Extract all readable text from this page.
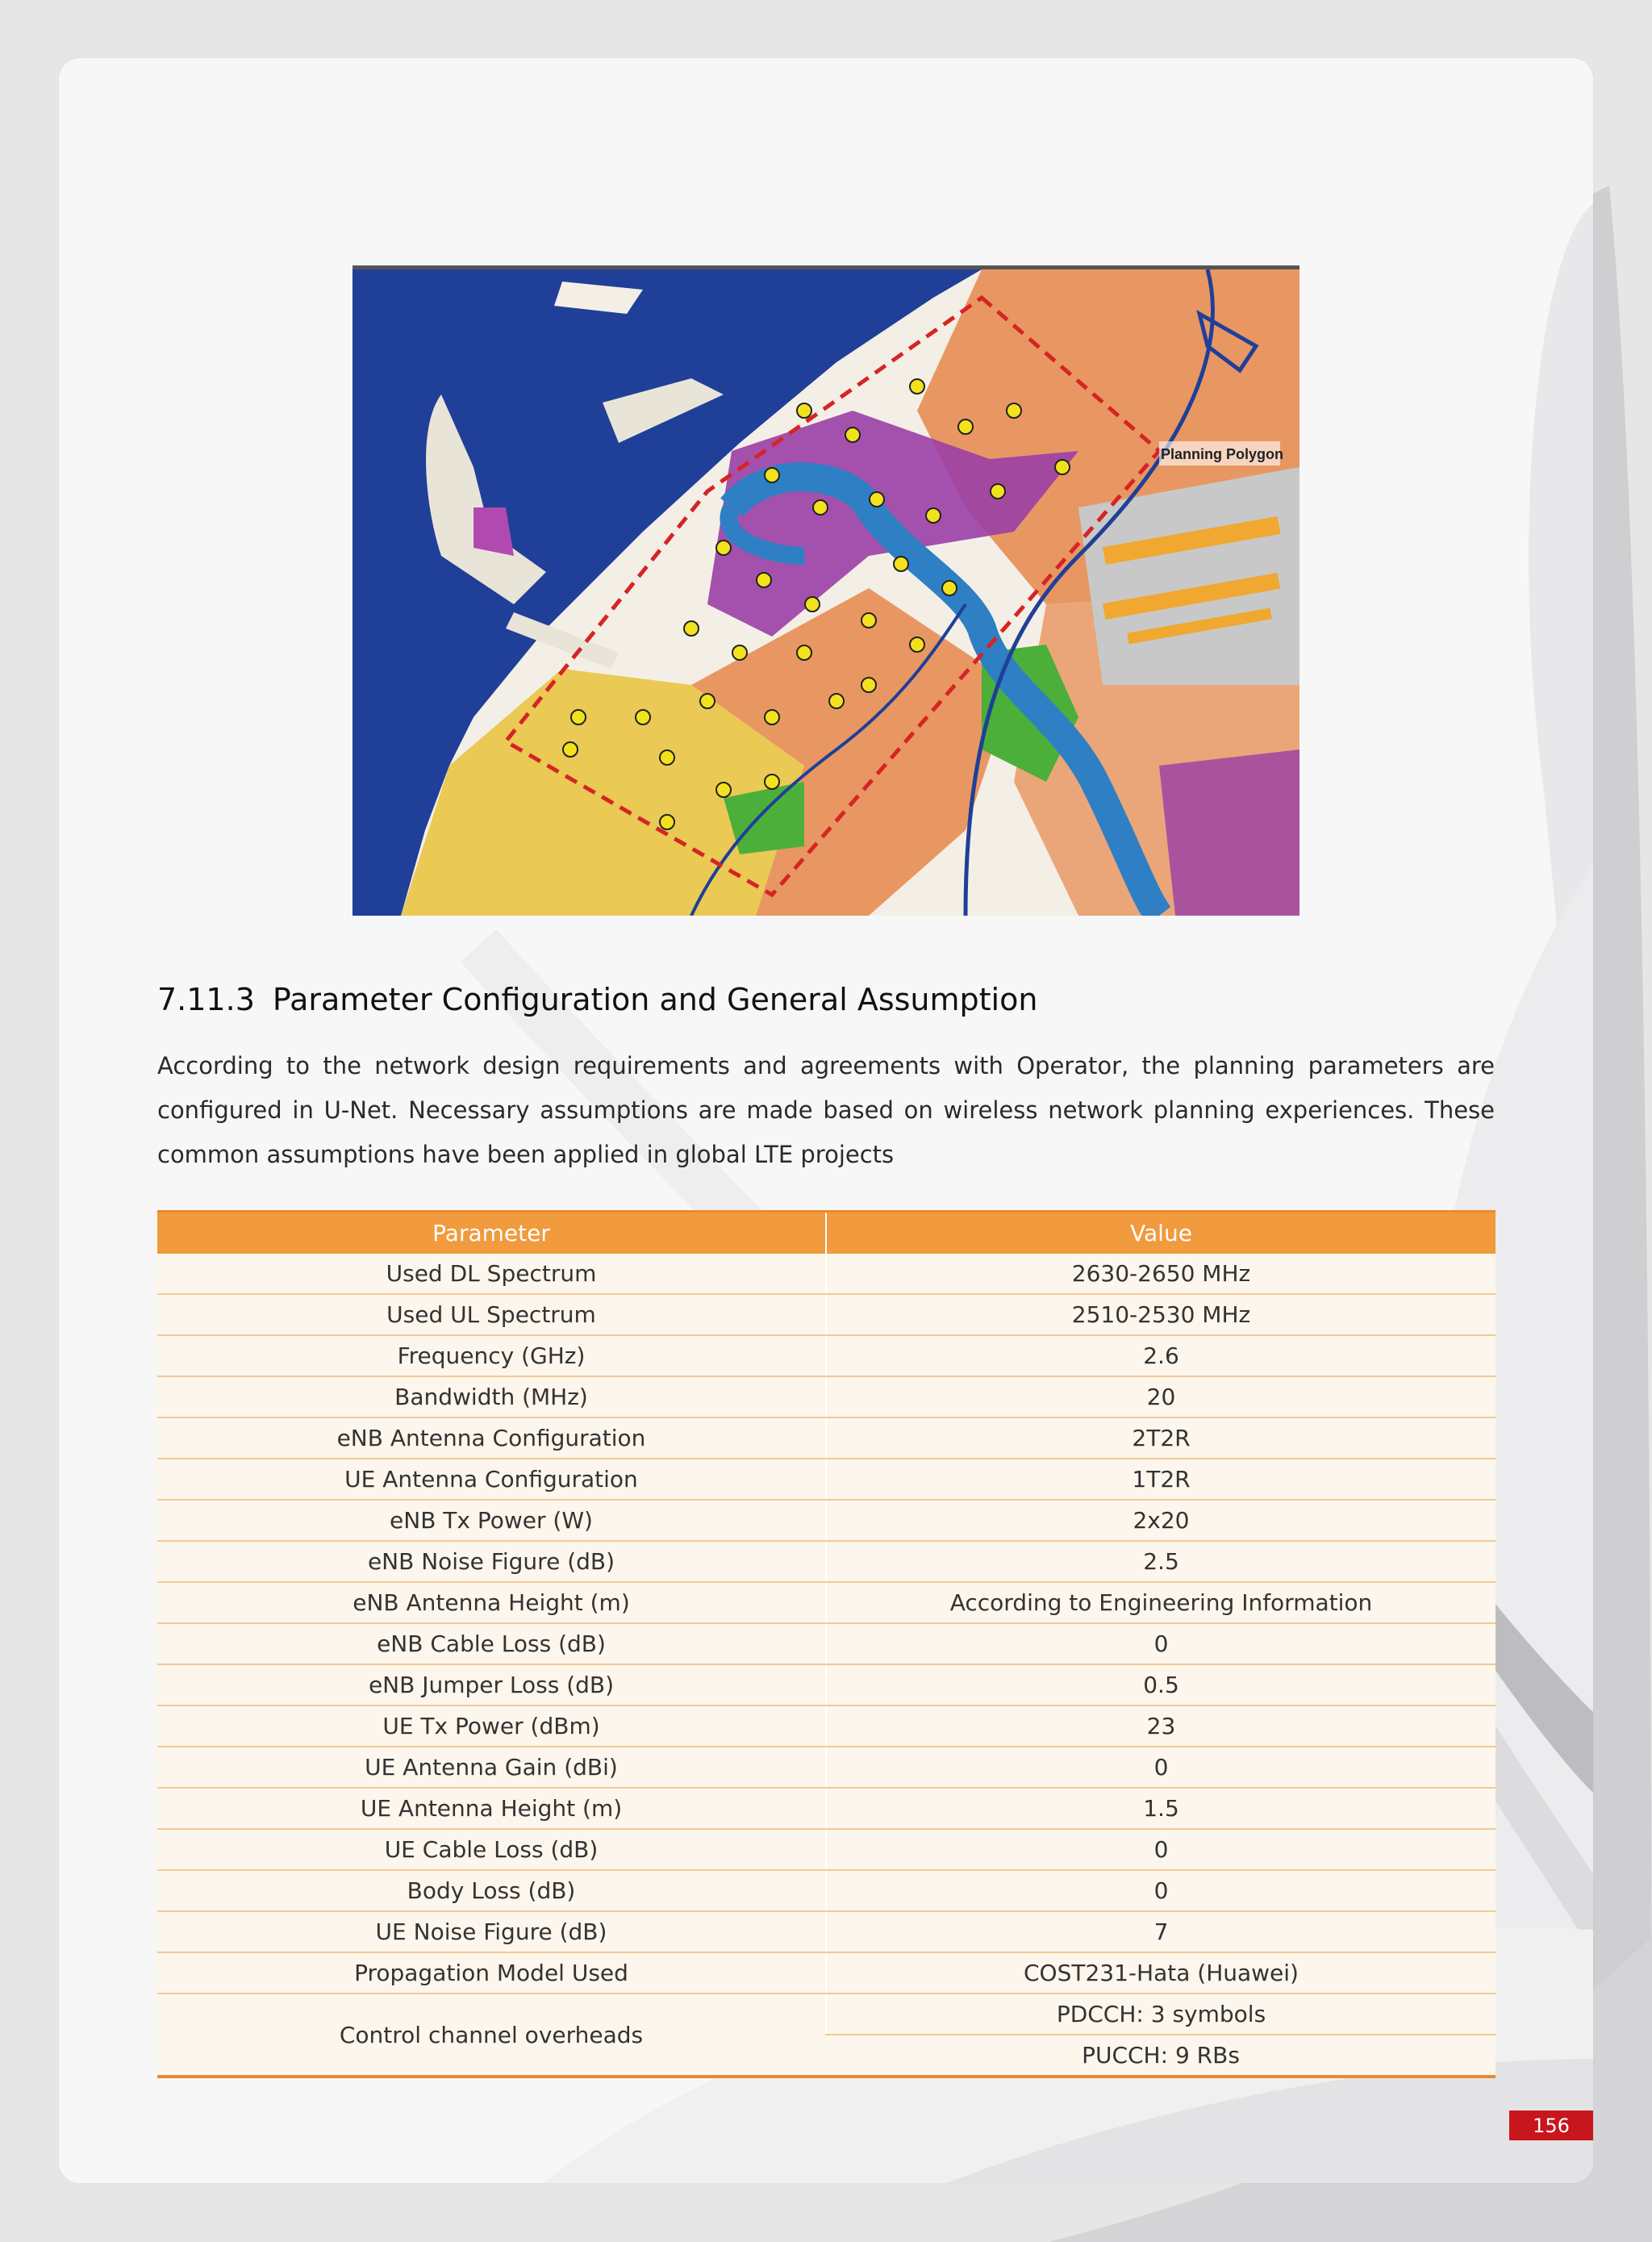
Planning Polygon
7.11.3 Parameter Configuration and General Assumption

According to the network design requirements and agreements with Operator, the planning parameters are configured in U-Net. Necessary assumptions are made based on wireless network planning experiences. These common assumptions have been applied in global LTE projects

Parameter	Value
Used DL Spectrum	2630-2650 MHz
Used UL Spectrum	2510-2530 MHz
Frequency (GHz)	2.6
Bandwidth (MHz)	20
eNB Antenna Configuration	2T2R
UE Antenna Configuration	1T2R
eNB Tx Power (W)	2x20
eNB Noise Figure (dB)	2.5
eNB Antenna Height (m)	According to Engineering Information
eNB Cable Loss (dB)	0
eNB Jumper Loss (dB)	0.5
UE Tx Power (dBm)	23
UE Antenna Gain (dBi)	0
UE Antenna Height (m)	1.5
UE Cable Loss (dB)	0
Body Loss (dB)	0
UE Noise Figure (dB)	7
Propagation Model Used	COST231-Hata (Huawei)
Control channel overheads	PDCCH: 3 symbols
	PUCCH: 9 RBs
156
